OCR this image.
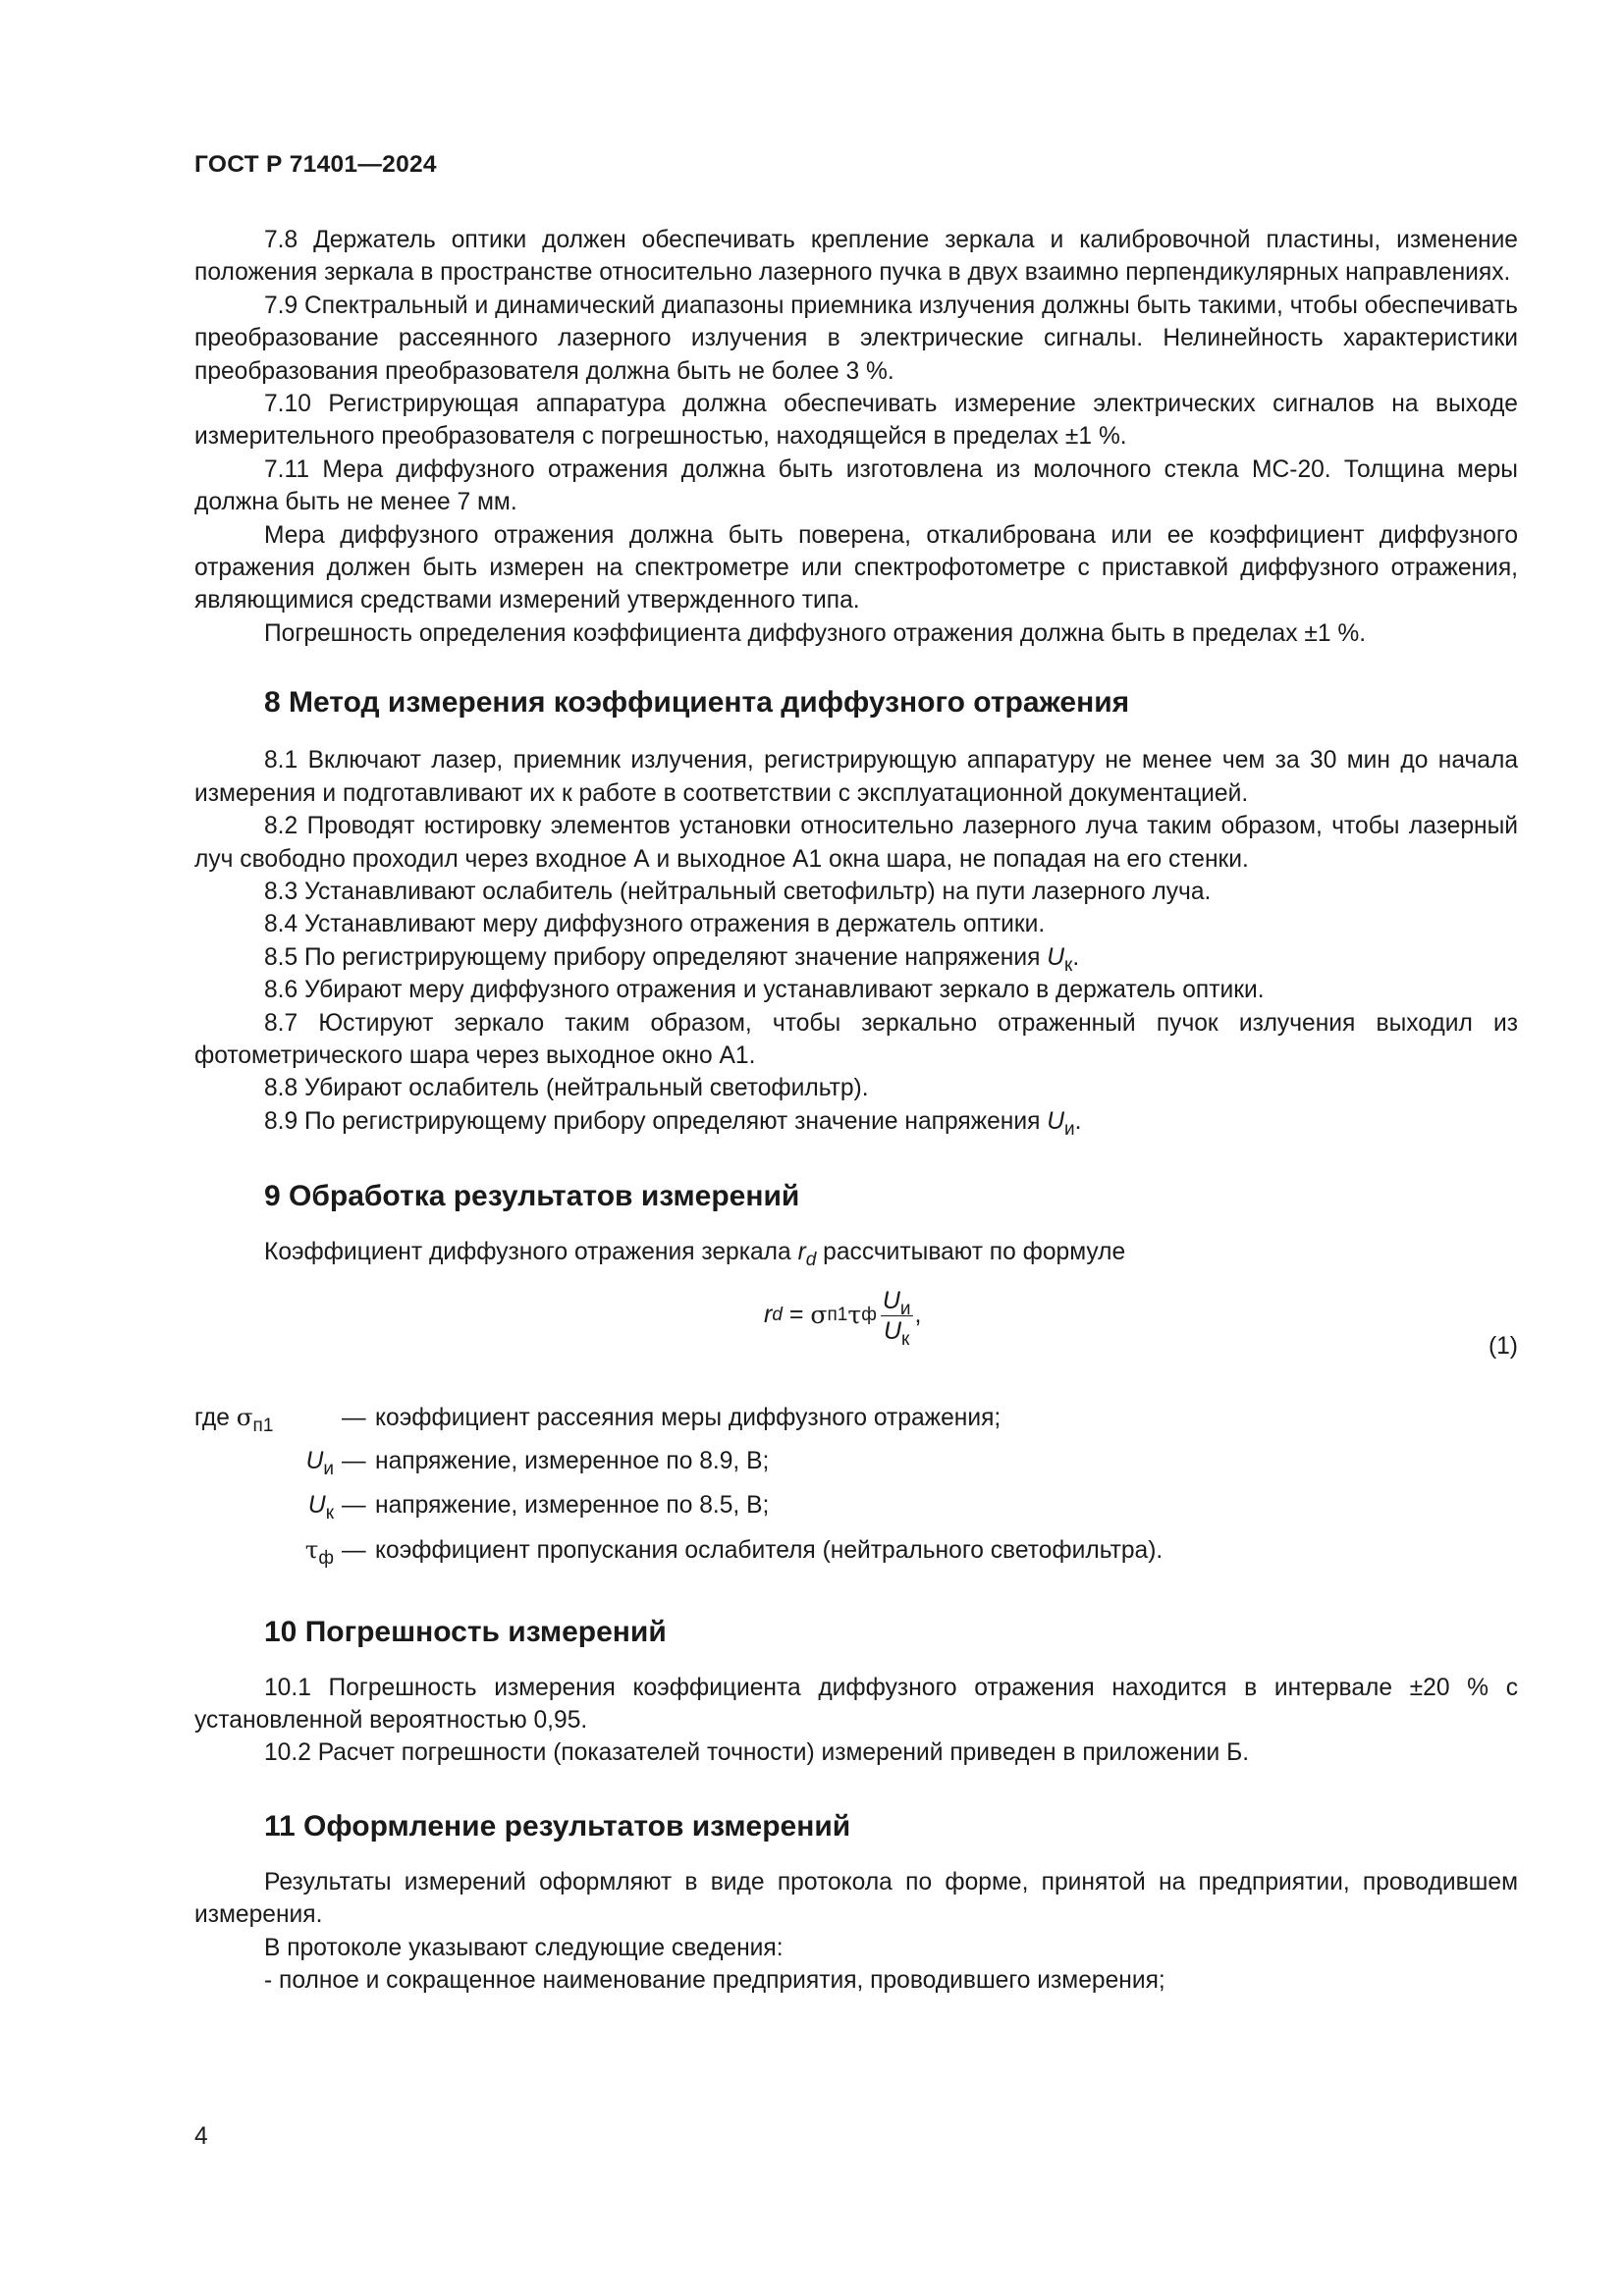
ГОСТ Р 71401—2024

7.8 Держатель оптики должен обеспечивать крепление зеркала и калибровочной пластины, изменение положения зеркала в пространстве относительно лазерного пучка в двух взаимно перпендикулярных направлениях.

7.9 Спектральный и динамический диапазоны приемника излучения должны быть такими, чтобы обеспечивать преобразование рассеянного лазерного излучения в электрические сигналы. Нелинейность характеристики преобразования преобразователя должна быть не более 3 %.

7.10 Регистрирующая аппаратура должна обеспечивать измерение электрических сигналов на выходе измерительного преобразователя с погрешностью, находящейся в пределах ±1 %.

7.11 Мера диффузного отражения должна быть изготовлена из молочного стекла МС-20. Толщина меры должна быть не менее 7 мм.

Мера диффузного отражения должна быть поверена, откалибрована или ее коэффициент диффузного отражения должен быть измерен на спектрометре или спектрофотометре с приставкой диффузного отражения, являющимися средствами измерений утвержденного типа.

Погрешность определения коэффициента диффузного отражения должна быть в пределах ±1 %.

8 Метод измерения коэффициента диффузного отражения

8.1 Включают лазер, приемник излучения, регистрирующую аппаратуру не менее чем за 30 мин до начала измерения и подготавливают их к работе в соответствии с эксплуатационной документацией.

8.2 Проводят юстировку элементов установки относительно лазерного луча таким образом, чтобы лазерный луч свободно проходил через входное А и выходное А1 окна шара, не попадая на его стенки.

8.3 Устанавливают ослабитель (нейтральный светофильтр) на пути лазерного луча.

8.4 Устанавливают меру диффузного отражения в держатель оптики.

8.5 По регистрирующему прибору определяют значение напряжения $U_к$.

8.6 Убирают меру диффузного отражения и устанавливают зеркало в держатель оптики.

8.7 Юстируют зеркало таким образом, чтобы зеркально отраженный пучок излучения выходил из фотометрического шара через выходное окно А1.

8.8 Убирают ослабитель (нейтральный светофильтр).

8.9 По регистрирующему прибору определяют значение напряжения $U_и$.

9 Обработка результатов измерений

Коэффициент диффузного отражения зеркала $r_d$ рассчитывают по формуле

r d = σ п1 τ ф $\frac{U_и}{U_к}$ ,
(1)
где $\sigma_{п1}$	— коэффициент рассеяния меры диффузного отражения;
$U_и$ — напряжение, измеренное по 8.9, В;
$U_к$ — напряжение, измеренное по 8.5, В;
$\tau_ф$ — коэффициент пропускания ослабителя (нейтрального светофильтра).
10 Погрешность измерений

10.1 Погрешность измерения коэффициента диффузного отражения находится в интервале ±20 % с установленной вероятностью 0,95.

10.2 Расчет погрешности (показателей точности) измерений приведен в приложении Б.

11 Оформление результатов измерений

Результаты измерений оформляют в виде протокола по форме, принятой на предприятии, проводившем измерения.

В протоколе указывают следующие сведения:

- полное и сокращенное наименование предприятия, проводившего измерения;

4
